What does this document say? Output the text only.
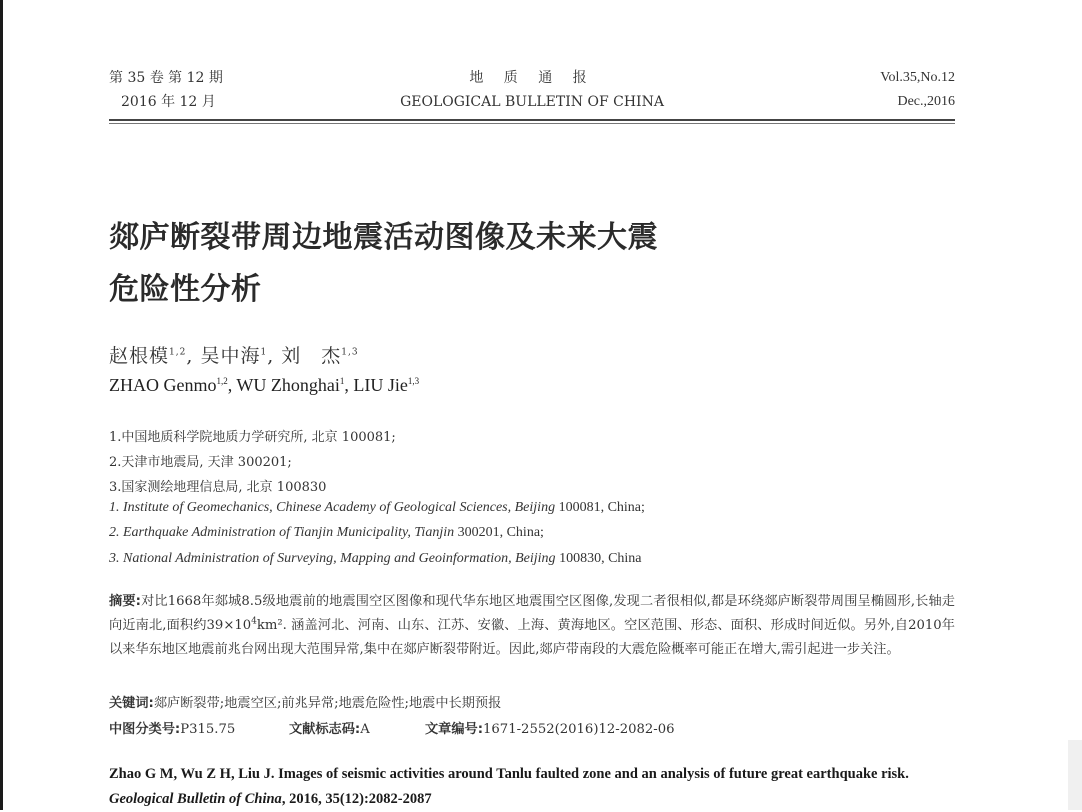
地 质 通 报
GEOLOGICAL BULLETIN OF CHINA
第 35 卷 第 12 期
2016 年 12 月
Vol.35,No.12
Dec.,2016
郯庐断裂带周边地震活动图像及未来大震
危险性分析
赵根模$^{1,2}$, 吴中海$^1$, 刘　杰$^{1,3}$
ZHAO Genmo$^{1,2}$, WU Zhonghai$^1$, LIU Jie$^{1,3}$
1.中国地质科学院地质力学研究所, 北京 100081;
2.天津市地震局, 天津 300201;
3.国家测绘地理信息局, 北京 100830
1. Institute of Geomechanics, Chinese Academy of Geological Sciences, Beijing 100081, China;
2. Earthquake Administration of Tianjin Municipality, Tianjin 300201, China;
3. National Administration of Surveying, Mapping and Geoinformation, Beijing 100830, China
摘要:对比1668年郯城8.5级地震前的地震围空区图像和现代华东地区地震围空区图像,发现二者很相似,都是环绕郯庐断裂带周围呈椭圆形,长轴走向近南北,面积约$39\times 10^4km^2$. 涵盖河北、河南、山东、江苏、安徽、上海、黄海地区。空区范围、形态、面积、形成时间近似。另外,自2010年以来华东地区地震前兆台网出现大范围异常,集中在郯庐断裂带附近。因此,郯庐带南段的大震危险概率可能正在增大,需引起进一步关注。
关键词:郯庐断裂带;地震空区;前兆异常;地震危险性;地震中长期预报
中图分类号:P315.75	文献标志码:A	文章编号:1671-2552(2016)12-2082-06
Zhao G M, Wu Z H, Liu J. Images of seismic activities around Tanlu faulted zone and an analysis of future great earthquake risk. Geological Bulletin of China, 2016, 35(12):2082-2087
